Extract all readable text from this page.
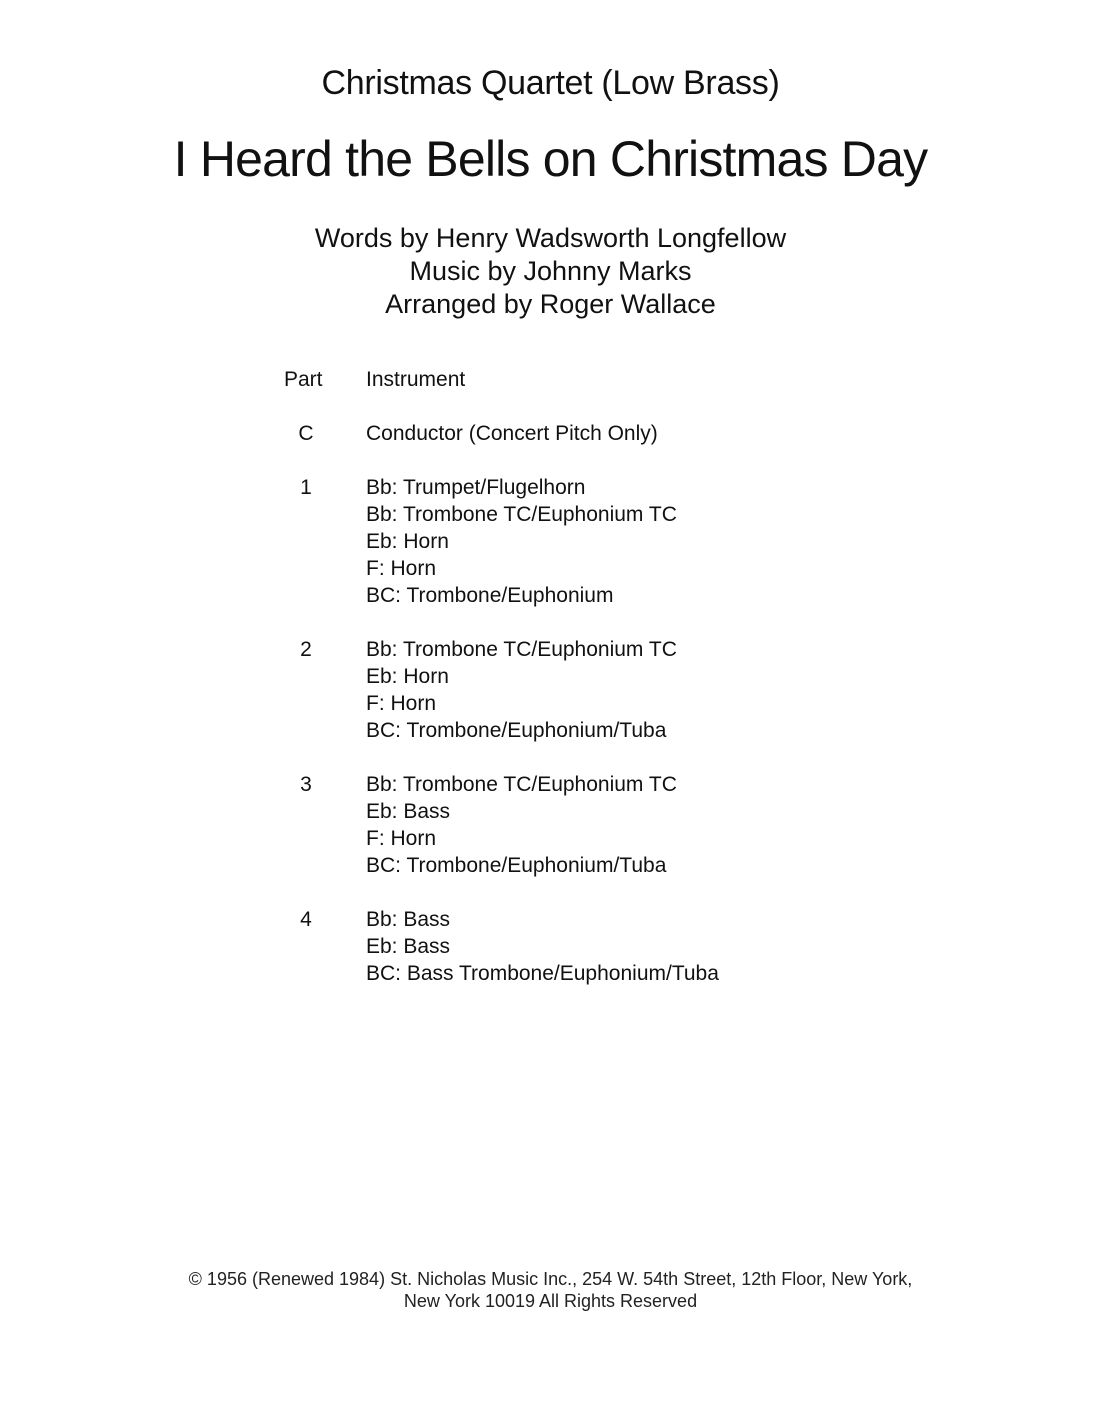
Christmas Quartet (Low Brass)
I Heard the Bells on Christmas Day
Words by Henry Wadsworth Longfellow
Music by Johnny Marks
Arranged by Roger Wallace
Part Instrument
C	Conductor (Concert Pitch Only)
1	Bb: Trumpet/Flugelhorn
Bb: Trombone TC/Euphonium TC
Eb: Horn
F: Horn
BC: Trombone/Euphonium
2	Bb: Trombone TC/Euphonium TC
Eb: Horn
F: Horn
BC: Trombone/Euphonium/Tuba
3	Bb: Trombone TC/Euphonium TC
Eb: Bass
F: Horn
BC: Trombone/Euphonium/Tuba
4	Bb: Bass
Eb: Bass
BC: Bass Trombone/Euphonium/Tuba
© 1956 (Renewed 1984) St. Nicholas Music Inc., 254 W. 54th Street, 12th Floor, New York,
New York 10019 All Rights Reserved
